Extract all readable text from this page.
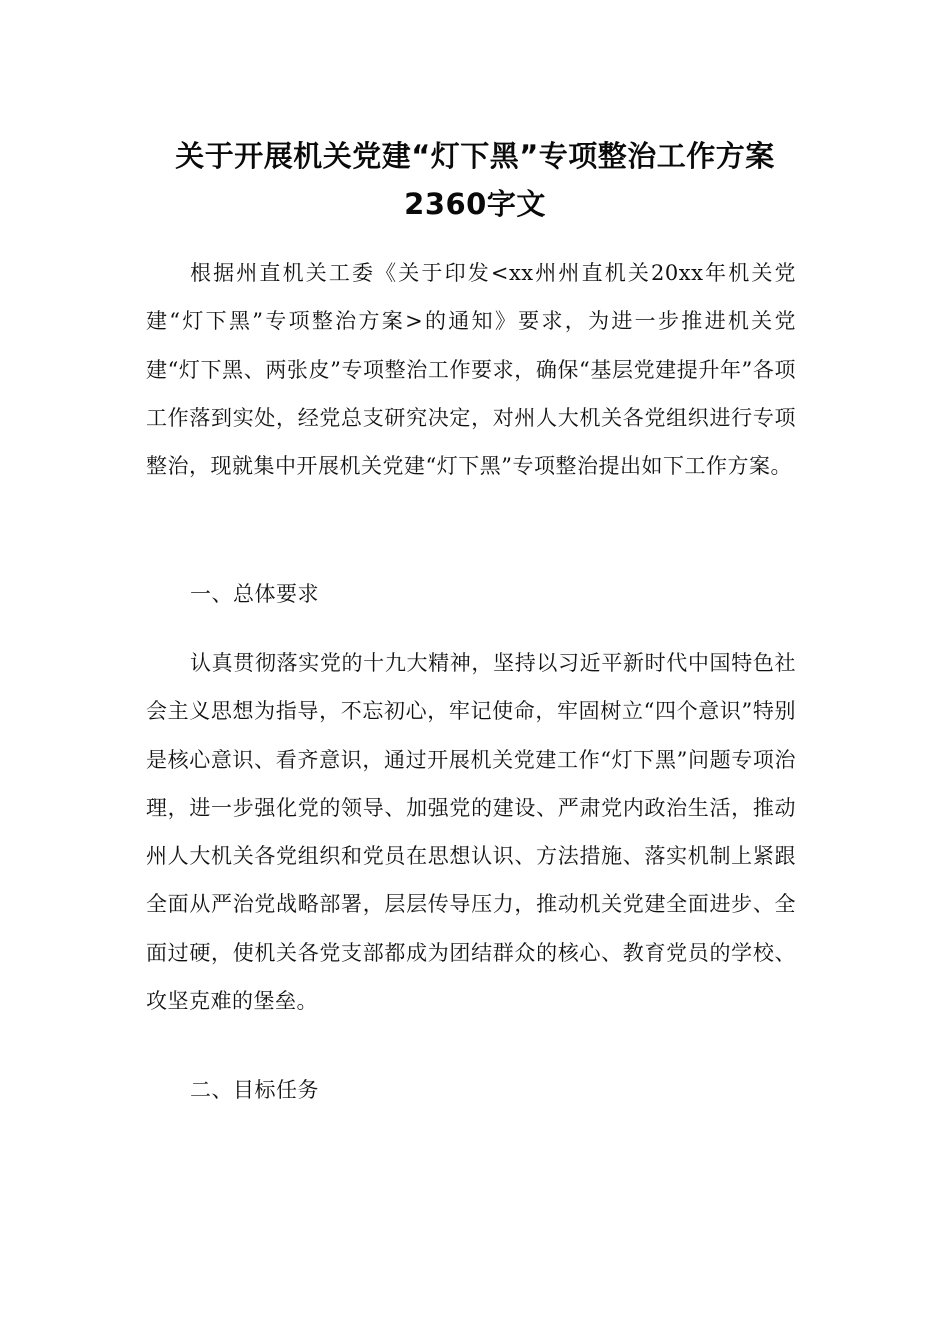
关于开展机关党建“灯下黑”专项整治工作方案
2360字文

根据州直机关工委《关于印发<xx州州直机关20xx年机关党建“灯下黑”专项整治方案>的通知》要求，为进一步推进机关党建“灯下黑、两张皮”专项整治工作要求，确保“基层党建提升年”各项工作落到实处，经党总支研究决定，对州人大机关各党组织进行专项整治，现就集中开展机关党建“灯下黑”专项整治提出如下工作方案。

一、总体要求

认真贯彻落实党的十九大精神，坚持以习近平新时代中国特色社会主义思想为指导，不忘初心，牢记使命，牢固树立“四个意识”特别是核心意识、看齐意识，通过开展机关党建工作“灯下黑”问题专项治理，进一步强化党的领导、加强党的建设、严肃党内政治生活，推动州人大机关各党组织和党员在思想认识、方法措施、落实机制上紧跟全面从严治党战略部署，层层传导压力，推动机关党建全面进步、全面过硬，使机关各党支部都成为团结群众的核心、教育党员的学校、攻坚克难的堡垒。

二、目标任务
